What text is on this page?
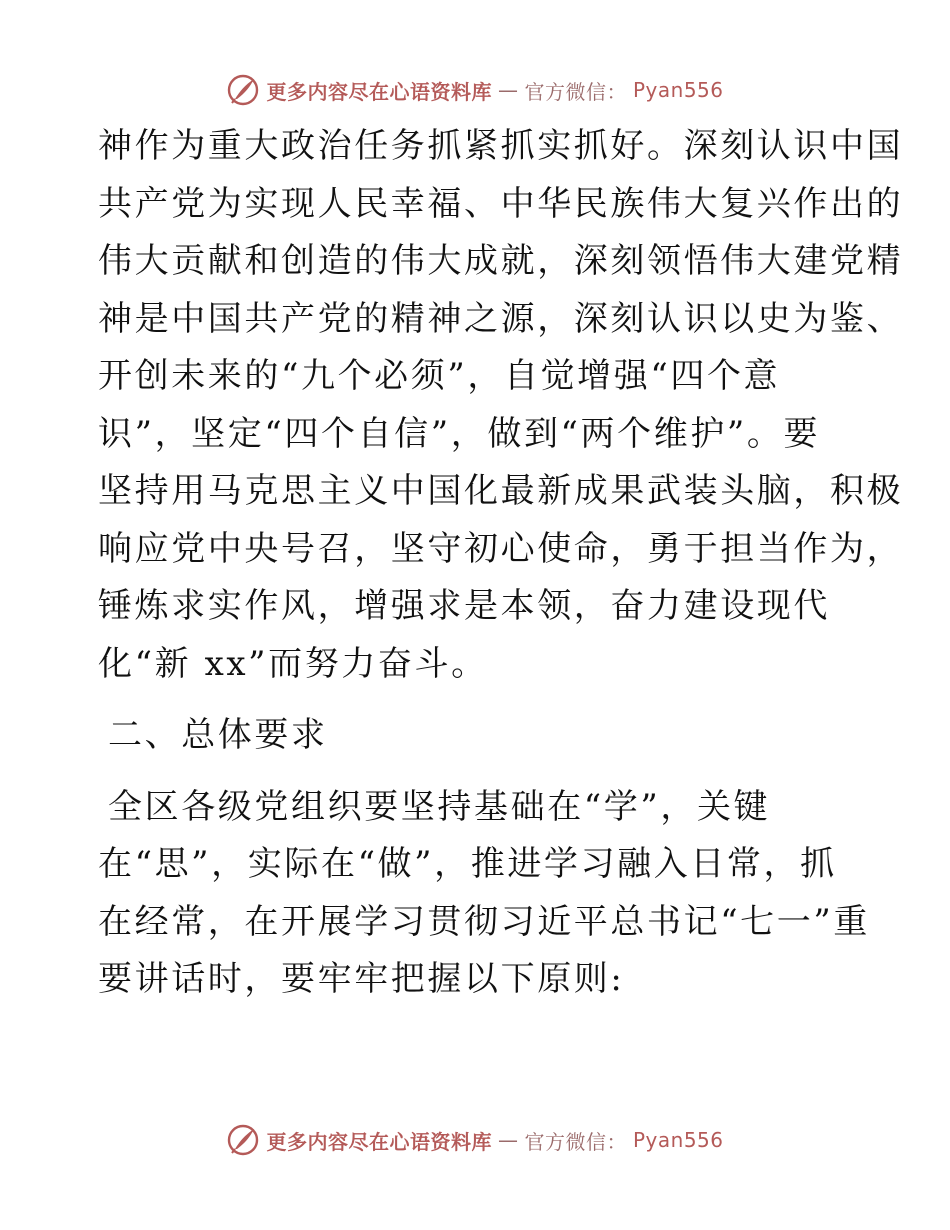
更多内容尽在心语资料库 — 官方微信： Pyan556
神作为重大政治任务抓紧抓实抓好。深刻认识中国
共产党为实现人民幸福、中华民族伟大复兴作出的
伟大贡献和创造的伟大成就，深刻领悟伟大建党精
神是中国共产党的精神之源，深刻认识以史为鉴、
开创未来的“九个必须”，自觉增强“四个意
识”，坚定“四个自信”，做到“两个维护”。要
坚持用马克思主义中国化最新成果武装头脑，积极
响应党中央号召，坚守初心使命，勇于担当作为，
锤炼求实作风，增强求是本领，奋力建设现代
化“新 xx”而努力奋斗。
二、总体要求
全区各级党组织要坚持基础在“学”，关键
在“思”，实际在“做”，推进学习融入日常，抓
在经常，在开展学习贯彻习近平总书记“七一”重
要讲话时，要牢牢把握以下原则:
更多内容尽在心语资料库 — 官方微信： Pyan556
